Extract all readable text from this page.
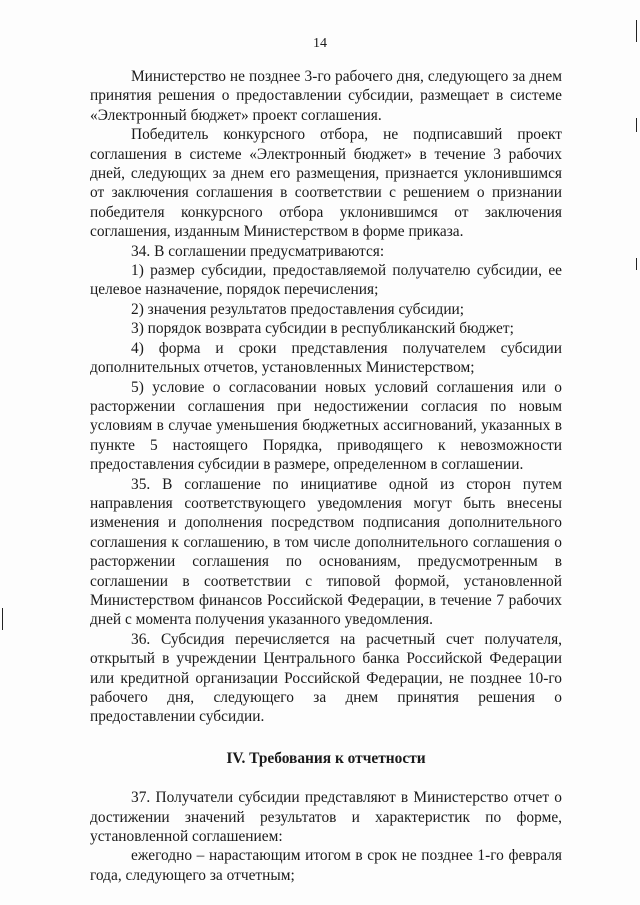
14

Министерство не позднее 3-го рабочего дня, следующего за днем принятия решения о предоставлении субсидии, размещает в системе «Электронный бюджет» проект соглашения.

Победитель конкурсного отбора, не подписавший проект соглашения в системе «Электронный бюджет» в течение 3 рабочих дней, следующих за днем его размещения, признается уклонившимся от заключения соглашения в соответствии с решением о признании победителя конкурсного отбора уклонившимся от заключения соглашения, изданным Министерством в форме приказа.

34. В соглашении предусматриваются:

1) размер субсидии, предоставляемой получателю субсидии, ее целевое назначение, порядок перечисления;

2) значения результатов предоставления субсидии;

3) порядок возврата субсидии в республиканский бюджет;

4) форма и сроки представления получателем субсидии дополнительных отчетов, установленных Министерством;

5) условие о согласовании новых условий соглашения или о расторжении соглашения при недостижении согласия по новым условиям в случае уменьшения бюджетных ассигнований, указанных в пункте 5 настоящего Порядка, приводящего к невозможности предоставления субсидии в размере, определенном в соглашении.

35. В соглашение по инициативе одной из сторон путем направления соответствующего уведомления могут быть внесены изменения и дополнения посредством подписания дополнительного соглашения к соглашению, в том числе дополнительного соглашения о расторжении соглашения по основаниям, предусмотренным в соглашении в соответствии с типовой формой, установленной Министерством финансов Российской Федерации, в течение 7 рабочих дней с момента получения указанного уведомления.

36. Субсидия перечисляется на расчетный счет получателя, открытый в учреждении Центрального банка Российской Федерации или кредитной организации Российской Федерации, не позднее 10-го рабочего дня, следующего за днем принятия решения о предоставлении субсидии.

IV. Требования к отчетности

37. Получатели субсидии представляют в Министерство отчет о достижении значений результатов и характеристик по форме, установленной соглашением:

ежегодно – нарастающим итогом в срок не позднее 1-го февраля года, следующего за отчетным;
